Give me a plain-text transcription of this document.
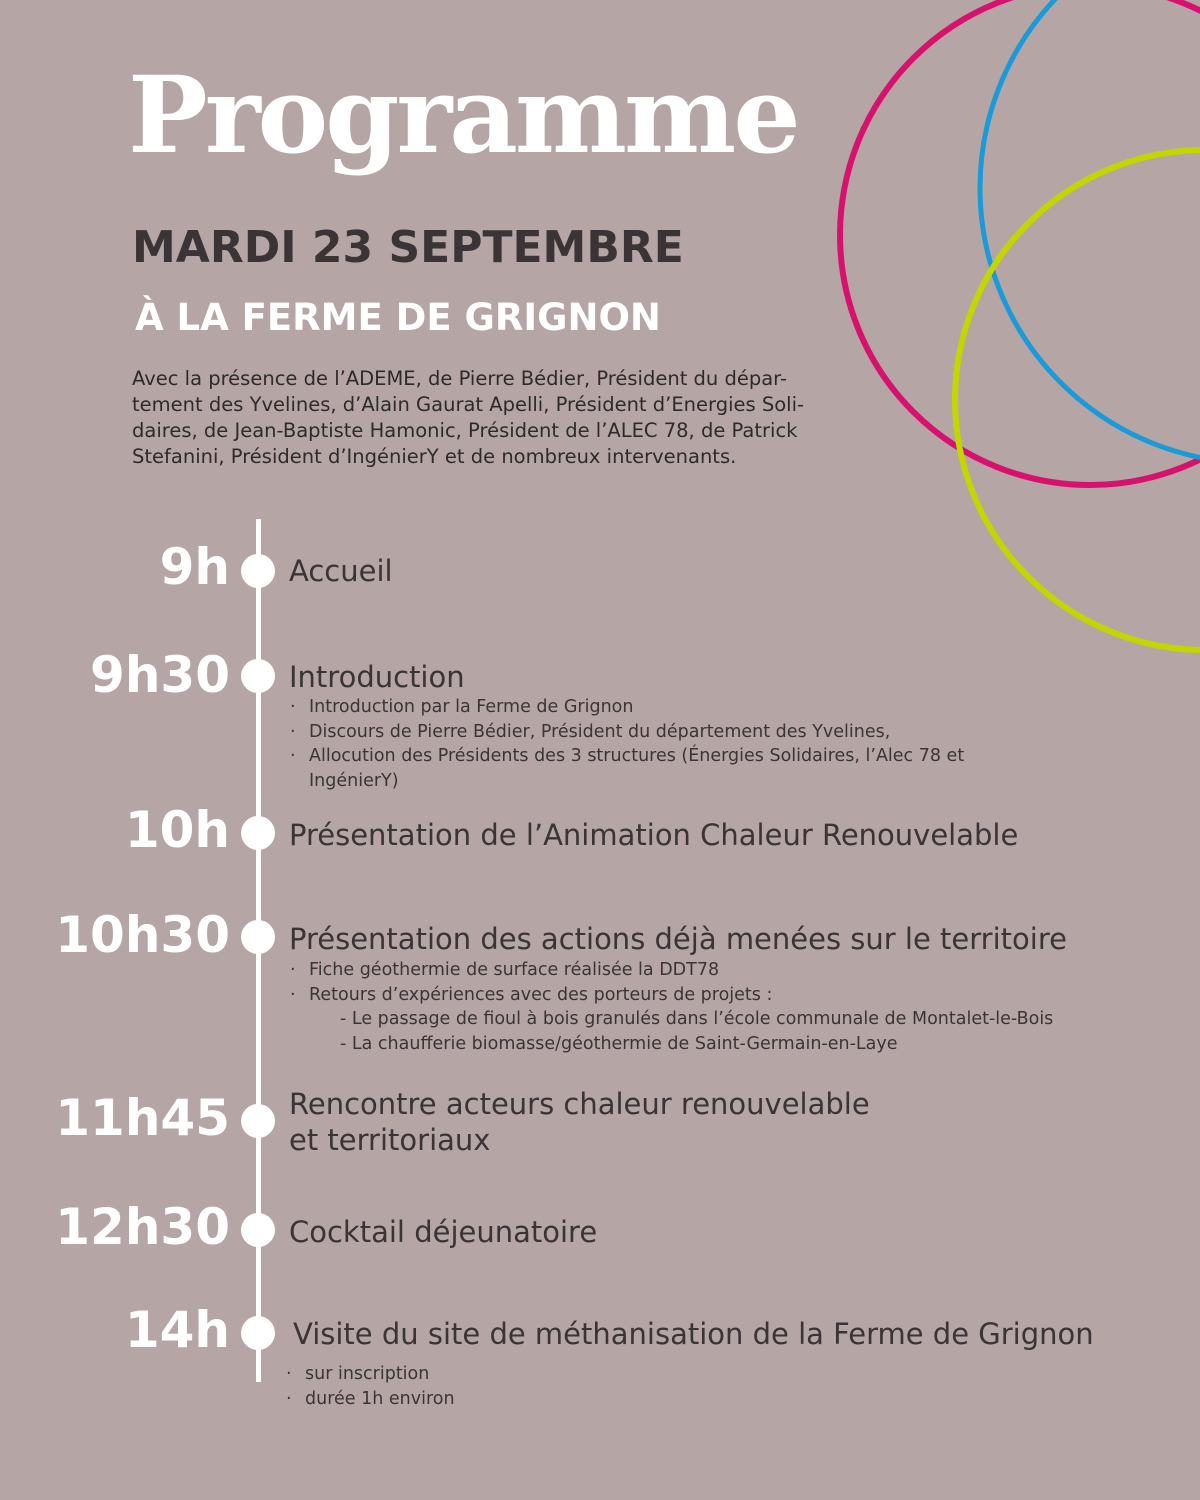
Programme
MARDI 23 SEPTEMBRE
À LA FERME DE GRIGNON
Avec la présence de l’ADEME, de Pierre Bédier, Président du dépar-
tement des Yvelines, d’Alain Gaurat Apelli, Président d’Energies Soli-
daires, de Jean-Baptiste Hamonic, Président de l’ALEC 78, de Patrick
Stefanini, Président d’IngénierY et de nombreux intervenants.
9h Accueil
9h30 Introduction
· Introduction par la Ferme de Grignon
· Discours de Pierre Bédier, Président du département des Yvelines,
· Allocution des Présidents des 3 structures (Énergies Solidaires, l’Alec 78 et
IngénierY)
10h Présentation de l’Animation Chaleur Renouvelable
10h30 Présentation des actions déjà menées sur le territoire
· Fiche géothermie de surface réalisée la DDT78
· Retours d’expériences avec des porteurs de projets :
- Le passage de fioul à bois granulés dans l’école communale de Montalet-le-Bois
- La chaufferie biomasse/géothermie de Saint-Germain-en-Laye
11h45 Rencontre acteurs chaleur renouvelable
et territoriaux
12h30 Cocktail déjeunatoire
14h Visite du site de méthanisation de la Ferme de Grignon
· sur inscription
· durée 1h environ
